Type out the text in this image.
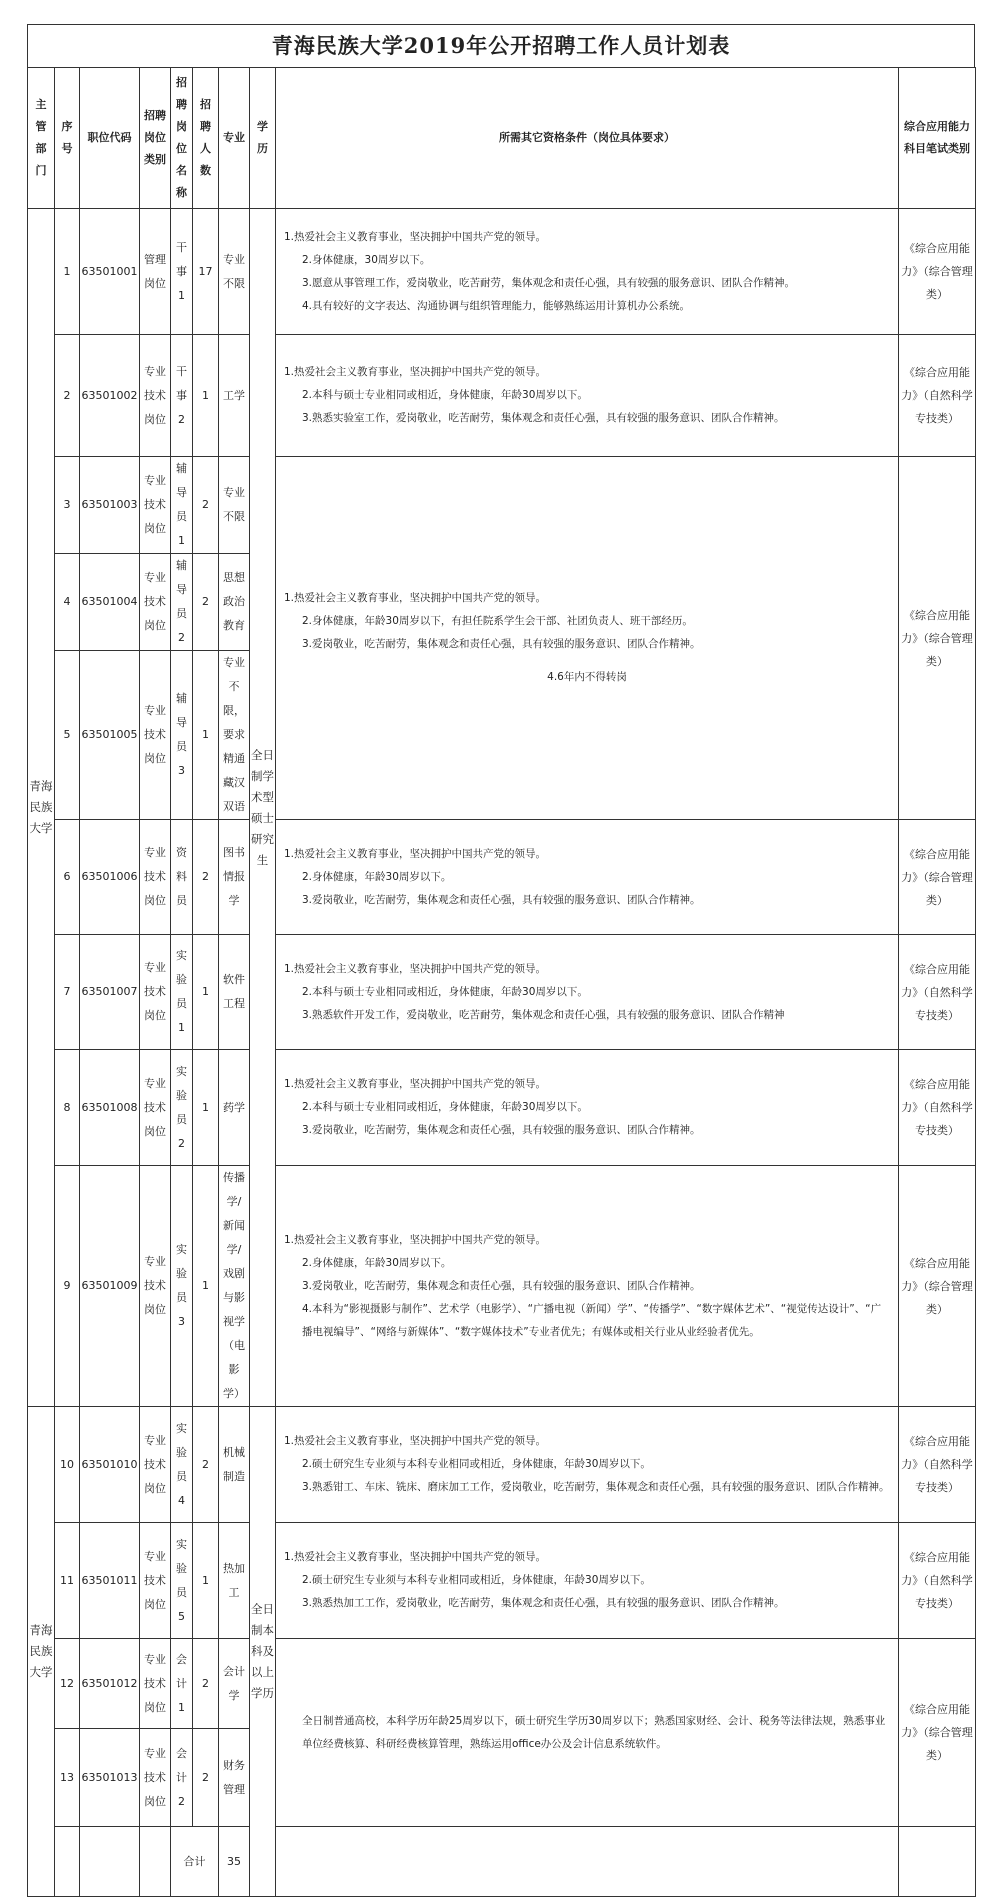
青海民族大学2019年公开招聘工作人员计划表
主管部门	序号	职位代码	招聘岗位类别	招聘岗位名称	招聘人数	专业	学历	所需其它资格条件（岗位具体要求）	综合应用能力科目笔试类别	
青海民族大学	1	63501001	管理岗位	干事1	17	专业不限	全日制学术型硕士研究生	1.热爱社会主义教育事业，坚决拥护中国共产党的领导。
2.身体健康，30周岁以下。
3.愿意从事管理工作，爱岗敬业，吃苦耐劳，集体观念和责任心强，具有较强的服务意识、团队合作精神。
4.具有较好的文字表达、沟通协调与组织管理能力，能够熟练运用计算机办公系统。	《综合应用能力》（综合管理类）	
	2	63501002	专业技术岗位	干事2	1	工学		1.热爱社会主义教育事业，坚决拥护中国共产党的领导。
2.本科与硕士专业相同或相近，身体健康，年龄30周岁以下。
3.熟悉实验室工作，爱岗敬业，吃苦耐劳，集体观念和责任心强，具有较强的服务意识、团队合作精神。	《综合应用能力》（自然科学专技类）	
	3	63501003	专业技术岗位	辅导员1	2	专业不限		1.热爱社会主义教育事业，坚决拥护中国共产党的领导。
2.身体健康，年龄30周岁以下，有担任院系学生会干部、社团负责人、班干部经历。
3.爱岗敬业，吃苦耐劳，集体观念和责任心强，具有较强的服务意识、团队合作精神。
4.6年内不得转岗	《综合应用能力》（综合管理类）	
	4	63501004	专业技术岗位	辅导员2	2	思想政治教育				
	5	63501005	专业技术岗位	辅导员3	1	专业不限，要求精通藏汉双语				
	6	63501006	专业技术岗位	资料员	2	图书情报学		1.热爱社会主义教育事业，坚决拥护中国共产党的领导。
2.身体健康，年龄30周岁以下。
3.爱岗敬业，吃苦耐劳，集体观念和责任心强，具有较强的服务意识、团队合作精神。	《综合应用能力》（综合管理类）	
	7	63501007	专业技术岗位	实验员1	1	软件工程		1.热爱社会主义教育事业，坚决拥护中国共产党的领导。
2.本科与硕士专业相同或相近，身体健康，年龄30周岁以下。
3.熟悉软件开发工作，爱岗敬业，吃苦耐劳，集体观念和责任心强，具有较强的服务意识、团队合作精神	《综合应用能力》（自然科学专技类）	
	8	63501008	专业技术岗位	实验员2	1	药学		1.热爱社会主义教育事业，坚决拥护中国共产党的领导。
2.本科与硕士专业相同或相近，身体健康，年龄30周岁以下。
3.爱岗敬业，吃苦耐劳，集体观念和责任心强，具有较强的服务意识、团队合作精神。	《综合应用能力》（自然科学专技类）	
	9	63501009	专业技术岗位	实验员3	1	传播学/新闻学/戏剧与影视学（电影学）		1.热爱社会主义教育事业，坚决拥护中国共产党的领导。
2.身体健康，年龄30周岁以下。
3.爱岗敬业，吃苦耐劳，集体观念和责任心强，具有较强的服务意识、团队合作精神。
4.本科为“影视摄影与制作”、艺术学（电影学）、“广播电视（新闻）学”、“传播学”、“数字媒体艺术”、“视觉传达设计”、“广播电视编导”、“网络与新媒体”、“数字媒体技术”专业者优先；有媒体或相关行业从业经验者优先。	《综合应用能力》（综合管理类）	
青海民族大学	10	63501010	专业技术岗位	实验员4	2	机械制造	全日制本科及以上学历	1.热爱社会主义教育事业，坚决拥护中国共产党的领导。
2.硕士研究生专业须与本科专业相同或相近，身体健康，年龄30周岁以下。
3.熟悉钳工、车床、铣床、磨床加工工作，爱岗敬业，吃苦耐劳，集体观念和责任心强，具有较强的服务意识、团队合作精神。	《综合应用能力》（自然科学专技类）	
	11	63501011	专业技术岗位	实验员5	1	热加工		1.热爱社会主义教育事业，坚决拥护中国共产党的领导。
2.硕士研究生专业须与本科专业相同或相近，身体健康，年龄30周岁以下。
3.熟悉热加工工作，爱岗敬业，吃苦耐劳，集体观念和责任心强，具有较强的服务意识、团队合作精神。	《综合应用能力》（自然科学专技类）	
	12	63501012	专业技术岗位	会计1	2	会计学		全日制普通高校，本科学历年龄25周岁以下，硕士研究生学历30周岁以下；熟悉国家财经、会计、税务等法律法规，熟悉事业单位经费核算、科研经费核算管理，熟练运用office办公及会计信息系统软件。	《综合应用能力》（综合管理类）	
	13	63501013	专业技术岗位	会计2	2	财务管理				
				合计		35				
